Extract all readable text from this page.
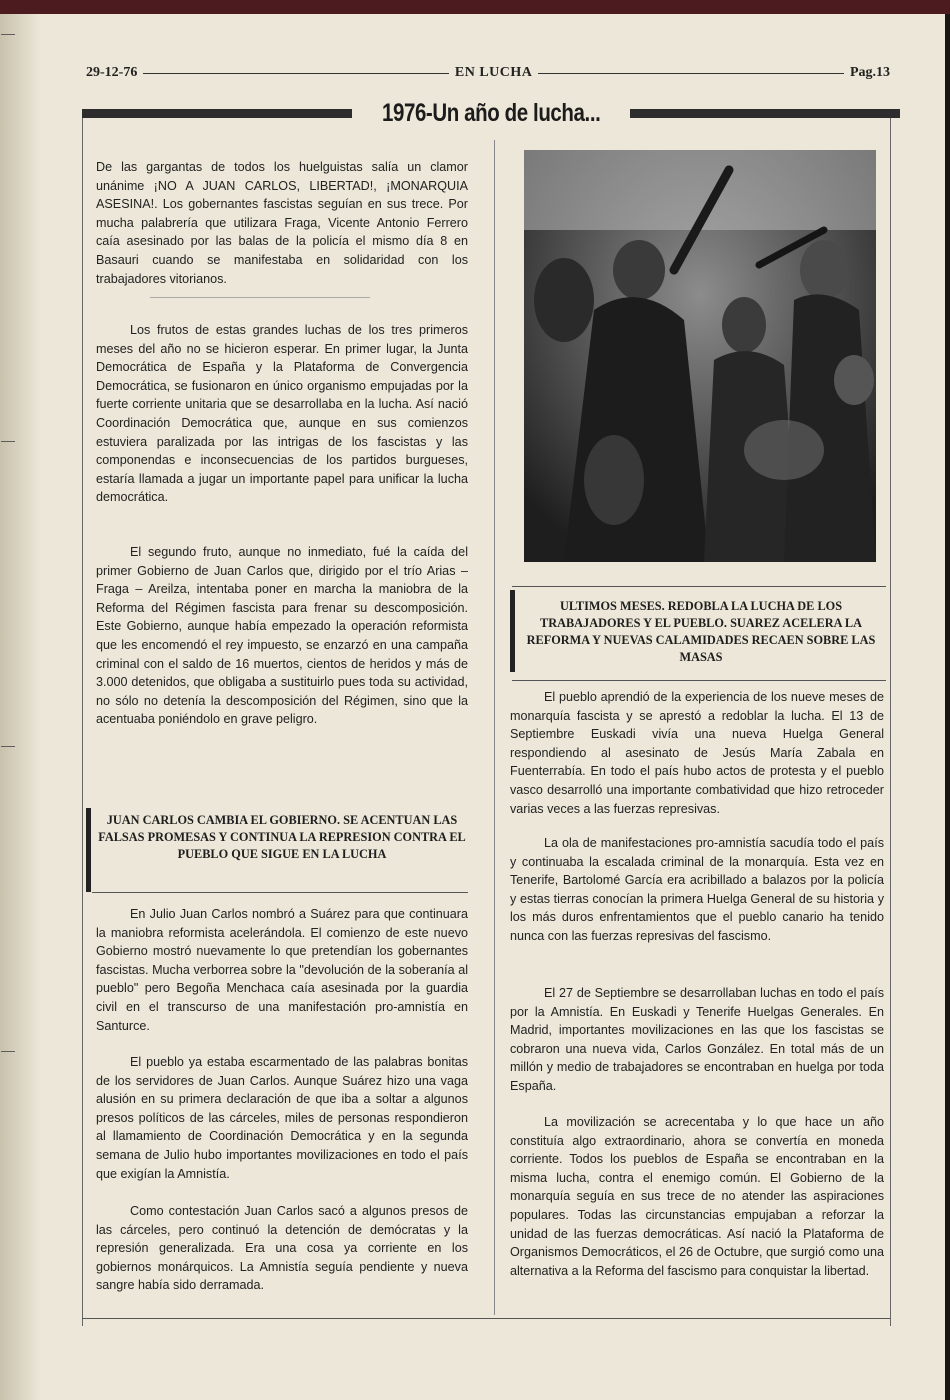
—
—
—
—
29-12-76	EN LUCHA	Pag.13
1976-Un año de lucha...

De las gargantas de todos los huelguistas salía un clamor unánime ¡NO A JUAN CARLOS, LIBERTAD!, ¡MONARQUIA ASESINA!. Los gobernantes fascistas seguían en sus trece. Por mucha palabrería que utilizara Fraga, Vicente Antonio Ferrero caía asesinado por las balas de la policía el mismo día 8 en Basauri cuando se manifestaba en solidaridad con los trabajadores vitorianos.

Los frutos de estas grandes luchas de los tres primeros meses del año no se hicieron esperar. En primer lugar, la Junta Democrática de España y la Plataforma de Convergencia Democrática, se fusionaron en único organismo empujadas por la fuerte corriente unitaria que se desarrollaba en la lucha. Así nació Coordinación Democrática que, aunque en sus comienzos estuviera paralizada por las intrigas de los fascistas y las componendas e inconsecuencias de los partidos burgueses, estaría llamada a jugar un importante papel para unificar la lucha democrática.

El segundo fruto, aunque no inmediato, fué la caída del primer Gobierno de Juan Carlos que, dirigido por el trío Arias – Fraga – Areilza, intentaba poner en marcha la maniobra de la Reforma del Régimen fascista para frenar su descomposición. Este Gobierno, aunque había empezado la operación reformista que les encomendó el rey impuesto, se enzarzó en una campaña criminal con el saldo de 16 muertos, cientos de heridos y más de 3.000 detenidos, que obligaba a sustituirlo pues toda su actividad, no sólo no detenía la descomposición del Régimen, sino que la acentuaba poniéndolo en grave peligro.

JUAN CARLOS CAMBIA EL GOBIERNO. SE ACENTUAN LAS FALSAS PROMESAS Y CONTINUA LA REPRESION CONTRA EL PUEBLO QUE SIGUE EN LA LUCHA

En Julio Juan Carlos nombró a Suárez para que continuara la maniobra reformista acelerándola. El comienzo de este nuevo Gobierno mostró nuevamente lo que pretendían los gobernantes fascistas. Mucha verborrea sobre la "devolución de la soberanía al pueblo" pero Begoña Menchaca caía asesinada por la guardia civil en el transcurso de una manifestación pro-amnistía en Santurce.

El pueblo ya estaba escarmentado de las palabras bonitas de los servidores de Juan Carlos. Aunque Suárez hizo una vaga alusión en su primera declaración de que iba a soltar a algunos presos políticos de las cárceles, miles de personas respondieron al llamamiento de Coordinación Democrática y en la segunda semana de Julio hubo importantes movilizaciones en todo el país que exigían la Amnistía.

Como contestación Juan Carlos sacó a algunos presos de las cárceles, pero continuó la detención de demócratas y la represión generalizada. Era una cosa ya corriente en los gobiernos monárquicos. La Amnistía seguía pendiente y nueva sangre había sido derramada.

ULTIMOS MESES. REDOBLA LA LUCHA DE LOS TRABAJADORES Y EL PUEBLO. SUAREZ ACELERA LA REFORMA Y NUEVAS CALAMIDADES RECAEN SOBRE LAS MASAS

El pueblo aprendió de la experiencia de los nueve meses de monarquía fascista y se aprestó a redoblar la lucha. El 13 de Septiembre Euskadi vivía una nueva Huelga General respondiendo al asesinato de Jesús María Zabala en Fuenterrabía. En todo el país hubo actos de protesta y el pueblo vasco desarrolló una importante combatividad que hizo retroceder varias veces a las fuerzas represivas.

La ola de manifestaciones pro-amnistía sacudía todo el país y continuaba la escalada criminal de la monarquía. Esta vez en Tenerife, Bartolomé García era acribillado a balazos por la policía y estas tierras conocían la primera Huelga General de su historia y los más duros enfrentamientos que el pueblo canario ha tenido nunca con las fuerzas represivas del fascismo.

El 27 de Septiembre se desarrollaban luchas en todo el país por la Amnistía. En Euskadi y Tenerife Huelgas Generales. En Madrid, importantes movilizaciones en las que los fascistas se cobraron una nueva vida, Carlos González. En total más de un millón y medio de trabajadores se encontraban en huelga por toda España.

La movilización se acrecentaba y lo que hace un año constituía algo extraordinario, ahora se convertía en moneda corriente. Todos los pueblos de España se encontraban en la misma lucha, contra el enemigo común. El Gobierno de la monarquía seguía en sus trece de no atender las aspiraciones populares. Todas las circunstancias empujaban a reforzar la unidad de las fuerzas democráticas. Así nació la Plataforma de Organismos Democráticos, el 26 de Octubre, que surgió como una alternativa a la Reforma del fascismo para conquistar la libertad.
